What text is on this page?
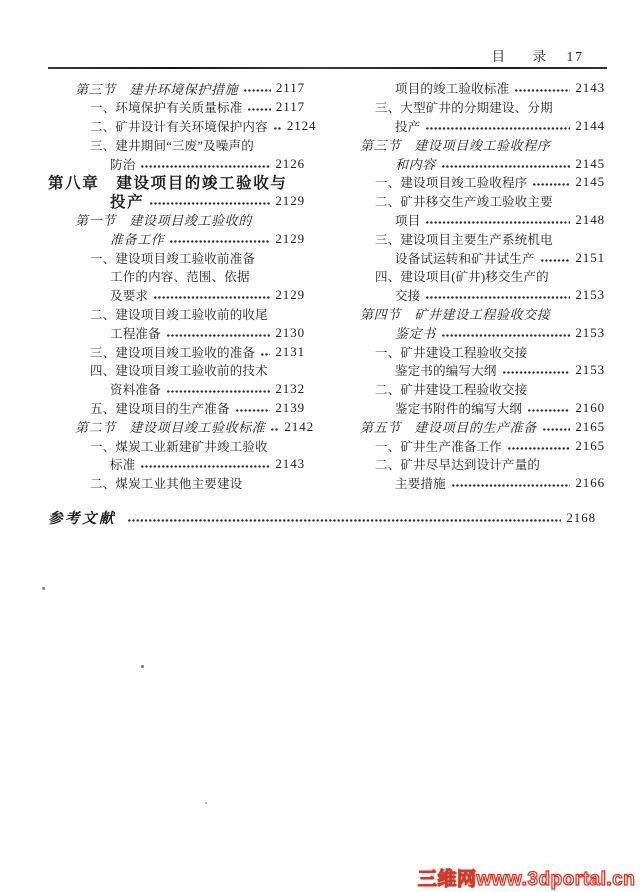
目　录 17
第三节　建井环境保护措施	2117
一、环境保护有关质量标准	2117
二、矿井设计有关环境保护内容 2124
三、建井期间“三废”及噪声的
防治	2126
第八章　建设项目的竣工验收与
投产	2129
第一节　建设项目竣工验收的
准备工作	2129
一、建设项目竣工验收前准备
工作的内容、范围、依据
及要求	2129
二、建设项目竣工验收前的收尾
工程准备	2130
三、建设项目竣工验收的准备 2131
四、建设项目竣工验收前的技术
资料准备	2132
五、建设项目的生产准备	2139
第二节　建设项目竣工验收标准 2142
一、煤炭工业新建矿井竣工验收
标准	2143
二、煤炭工业其他主要建设
项目的竣工验收标准	2143
三、大型矿井的分期建设、分期
投产	2144
第三节　建设项目竣工验收程序
和内容	2145
一、建设项目竣工验收程序	2145
二、矿井移交生产竣工验收主要
项目	2148
三、建设项目主要生产系统机电
设备试运转和矿井试生产	2151
四、建设项目(矿井)移交生产的
交接	2153
第四节　矿井建设工程验收交接
鉴定书	2153
一、矿井建设工程验收交接
鉴定书的编写大纲	2153
二、矿井建设工程验收交接
鉴定书附件的编写大纲	2160
第五节　建设项目的生产准备	2165
一、矿井生产准备工作	2165
二、矿井尽早达到设计产量的
主要措施	2166
参考文献	2168
三维网www.3dportal.cn
